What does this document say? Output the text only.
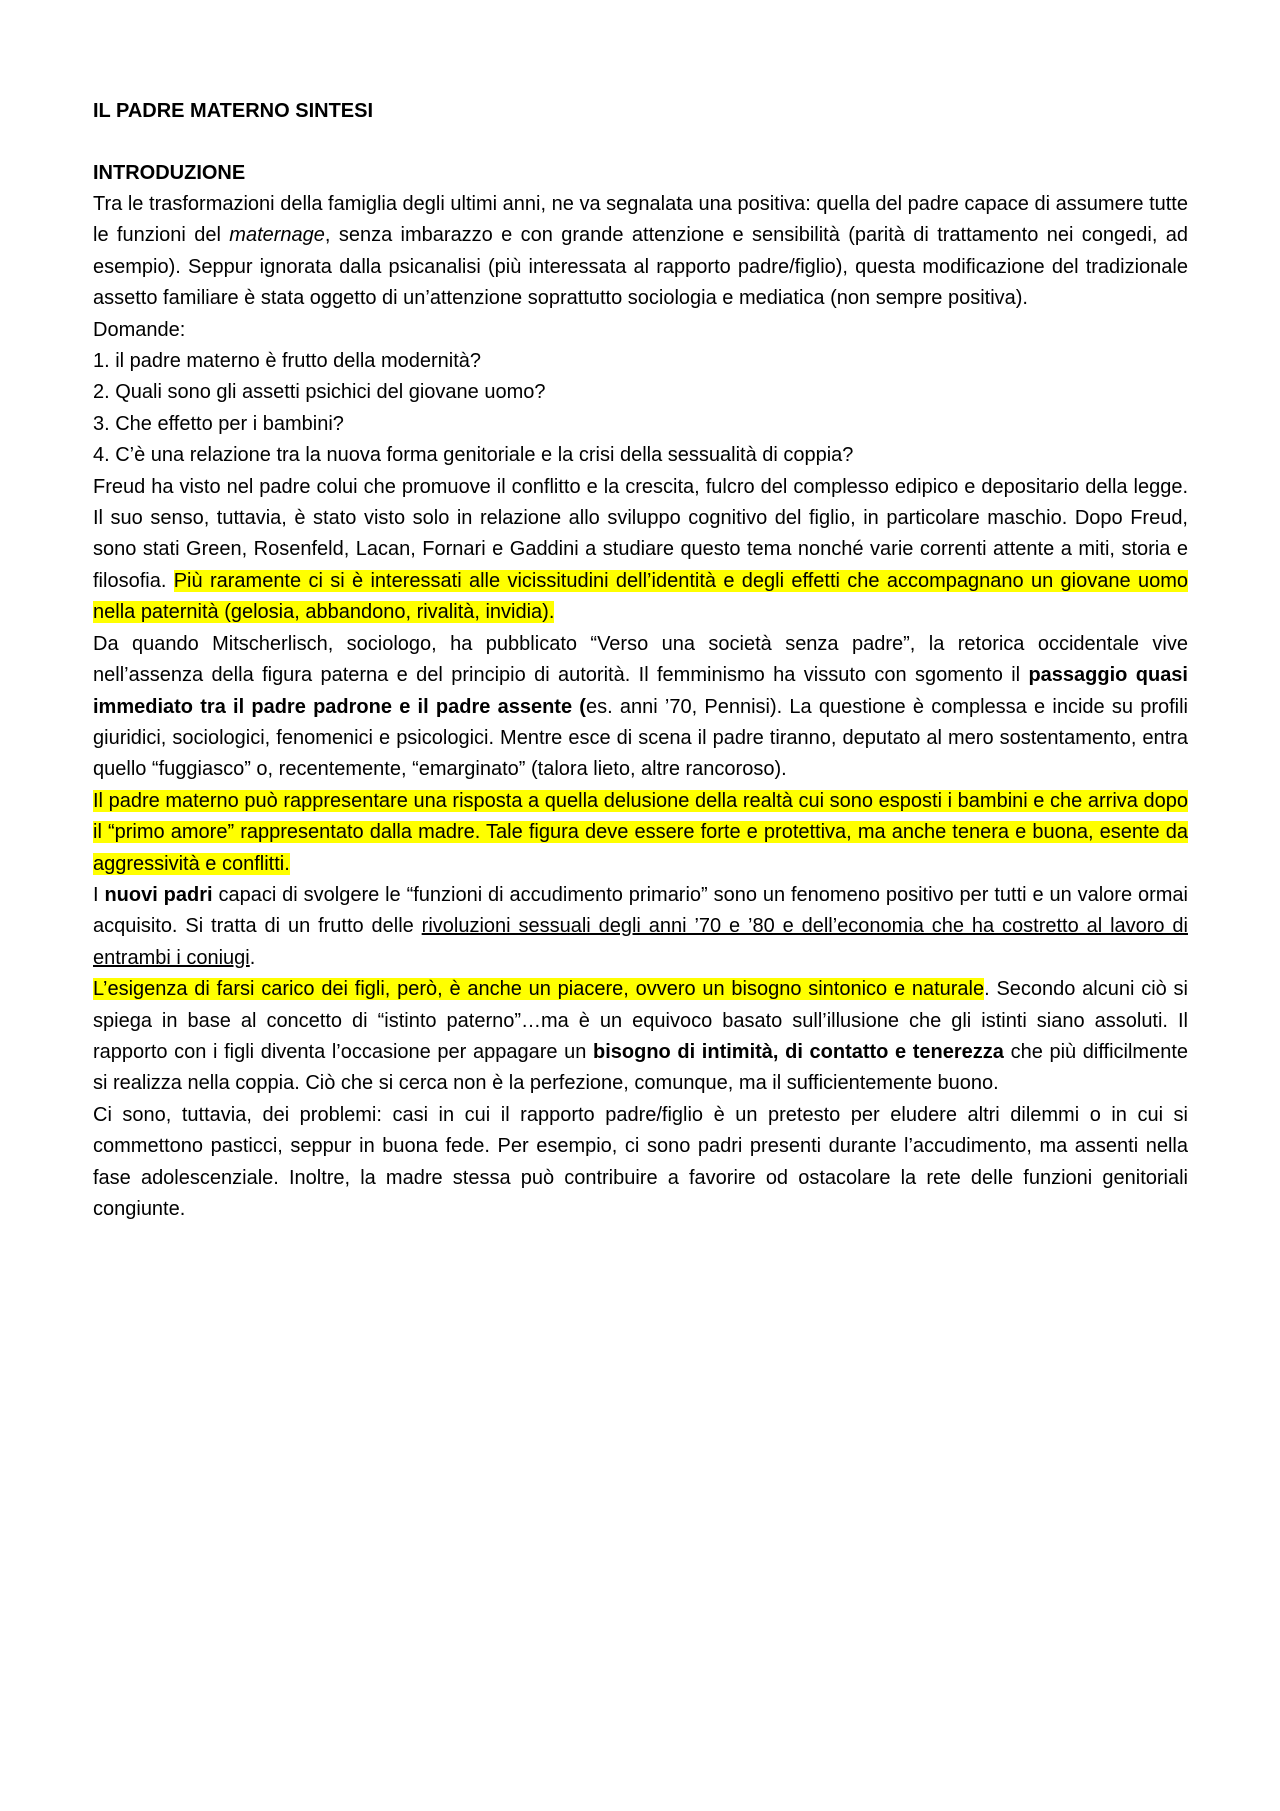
IL PADRE MATERNO SINTESI

INTRODUZIONE

Tra le trasformazioni della famiglia degli ultimi anni, ne va segnalata una positiva: quella del padre capace di assumere tutte le funzioni del maternage, senza imbarazzo e con grande attenzione e sensibilità (parità di trattamento nei congedi, ad esempio). Seppur ignorata dalla psicanalisi (più interessata al rapporto padre/figlio), questa modificazione del tradizionale assetto familiare è stata oggetto di un’attenzione soprattutto sociologia e mediatica (non sempre positiva).

Domande:

1. il padre materno è frutto della modernità?

2. Quali sono gli assetti psichici del giovane uomo?

3. Che effetto per i bambini?

4. C’è una relazione tra la nuova forma genitoriale e la crisi della sessualità di coppia?

Freud ha visto nel padre colui che promuove il conflitto e la crescita, fulcro del complesso edipico e depositario della legge. Il suo senso, tuttavia, è stato visto solo in relazione allo sviluppo cognitivo del figlio, in particolare maschio. Dopo Freud, sono stati Green, Rosenfeld, Lacan, Fornari e Gaddini a studiare questo tema nonché varie correnti attente a miti, storia e filosofia. Più raramente ci si è interessati alle vicissitudini dell’identità e degli effetti che accompagnano un giovane uomo nella paternità (gelosia, abbandono, rivalità, invidia).

Da quando Mitscherlisch, sociologo, ha pubblicato “Verso una società senza padre”, la retorica occidentale vive nell’assenza della figura paterna e del principio di autorità. Il femminismo ha vissuto con sgomento il passaggio quasi immediato tra il padre padrone e il padre assente (es. anni ’70, Pennisi). La questione è complessa e incide su profili giuridici, sociologici, fenomenici e psicologici. Mentre esce di scena il padre tiranno, deputato al mero sostentamento, entra quello “fuggiasco” o, recentemente, “emarginato” (talora lieto, altre rancoroso).

Il padre materno può rappresentare una risposta a quella delusione della realtà cui sono esposti i bambini e che arriva dopo il “primo amore” rappresentato dalla madre. Tale figura deve essere forte e protettiva, ma anche tenera e buona, esente da aggressività e conflitti.

I nuovi padri capaci di svolgere le “funzioni di accudimento primario” sono un fenomeno positivo per tutti e un valore ormai acquisito. Si tratta di un frutto delle rivoluzioni sessuali degli anni ’70 e ’80 e dell’economia che ha costretto al lavoro di entrambi i coniugi.

L’esigenza di farsi carico dei figli, però, è anche un piacere, ovvero un bisogno sintonico e naturale. Secondo alcuni ciò si spiega in base al concetto di “istinto paterno”…ma è un equivoco basato sull’illusione che gli istinti siano assoluti. Il rapporto con i figli diventa l’occasione per appagare un bisogno di intimità, di contatto e tenerezza che più difficilmente si realizza nella coppia. Ciò che si cerca non è la perfezione, comunque, ma il sufficientemente buono.

Ci sono, tuttavia, dei problemi: casi in cui il rapporto padre/figlio è un pretesto per eludere altri dilemmi o in cui si commettono pasticci, seppur in buona fede. Per esempio, ci sono padri presenti durante l’accudimento, ma assenti nella fase adolescenziale. Inoltre, la madre stessa può contribuire a favorire od ostacolare la rete delle funzioni genitoriali congiunte.
